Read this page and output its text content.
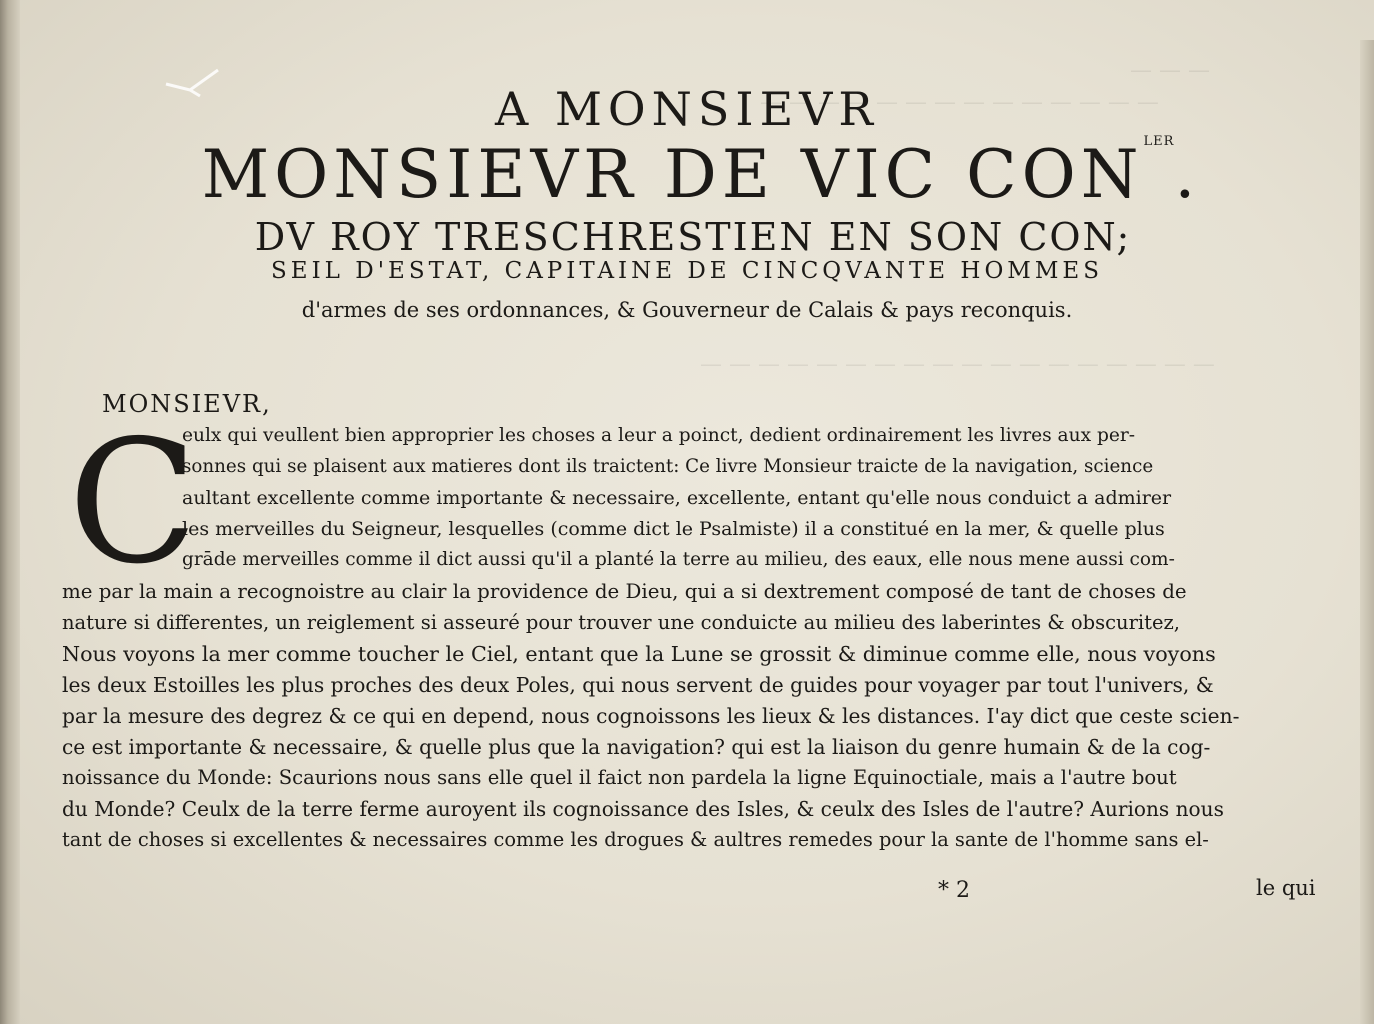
— — — — — — — — — — — — — —
— — —
— — — — — — — — — — — — — — — — — —
A MONSIEVR
MONSIEVR DE VIC $CON^{LER}$.
DV ROY TRESCHRESTIEN EN SON CON;
SEIL D'ESTAT, CAPITAINE DE CINCQVANTE HOMMES
d'armes de ses ordonnances, & Gouverneur de Calais & pays reconquis.
MONSIEVR,
C
eulx qui veullent bien approprier les choses a leur a poinct, dedient ordinairement les livres aux per-
sonnes qui se plaisent aux matieres dont ils traictent: Ce livre Monsieur traicte de la navigation, science
aultant excellente comme importante & necessaire, excellente, entant qu'elle nous conduict a admirer
les merveilles du Seigneur, lesquelles (comme dict le Psalmiste) il a constitué en la mer, & quelle plus
grāde merveilles comme il dict aussi qu'il a planté la terre au milieu, des eaux, elle nous mene aussi com-
me par la main a recognoistre au clair la providence de Dieu, qui a si dextrement composé de tant de choses de
nature si differentes, un reiglement si asseuré pour trouver une conduicte au milieu des laberintes & obscuritez,
Nous voyons la mer comme toucher le Ciel, entant que la Lune se grossit & diminue comme elle, nous voyons
les deux Estoilles les plus proches des deux Poles, qui nous servent de guides pour voyager par tout l'univers, &
par la mesure des degrez & ce qui en depend, nous cognoissons les lieux & les distances. I'ay dict que ceste scien-
ce est importante & necessaire, & quelle plus que la navigation? qui est la liaison du genre humain & de la cog-
noissance du Monde: Scaurions nous sans elle quel il faict non pardela la ligne Equinoctiale, mais a l'autre bout
du Monde? Ceulx de la terre ferme auroyent ils cognoissance des Isles, & ceulx des Isles de l'autre? Aurions nous
tant de choses si excellentes & necessaires comme les drogues & aultres remedes pour la sante de l'homme sans el-
* 2	le qui
